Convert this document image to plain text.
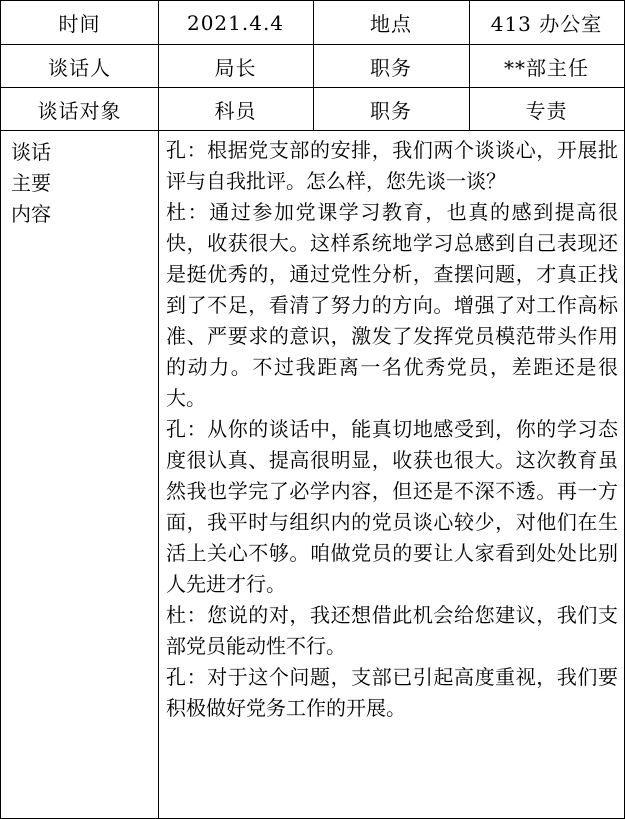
时间	2021.4.4	地点	413 办公室
谈话人	局长	职务	**部主任
谈话对象	科员	职务	专责
谈话
主要
内容

孔：根据党支部的安排，我们两个谈谈心，开展批评与自我批评。怎么样，您先谈一谈？

杜：通过参加党课学习教育，也真的感到提高很快，收获很大。这样系统地学习总感到自己表现还是挺优秀的，通过党性分析，查摆问题，才真正找到了不足，看清了努力的方向。增强了对工作高标准、严要求的意识，激发了发挥党员模范带头作用的动力。不过我距离一名优秀党员，差距还是很大。

孔：从你的谈话中，能真切地感受到，你的学习态度很认真、提高很明显，收获也很大。这次教育虽然我也学完了必学内容，但还是不深不透。再一方面，我平时与组织内的党员谈心较少，对他们在生活上关心不够。咱做党员的要让人家看到处处比别人先进才行。

杜：您说的对，我还想借此机会给您建议，我们支部党员能动性不行。

孔：对于这个问题，支部已引起高度重视，我们要积极做好党务工作的开展。
